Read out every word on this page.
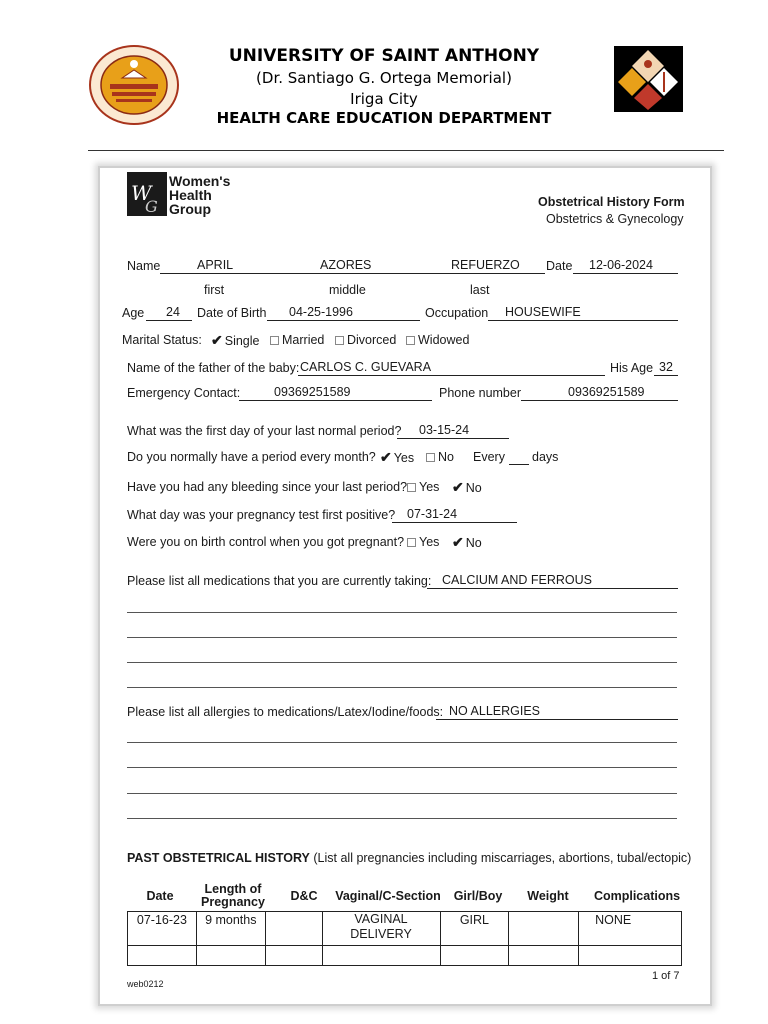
UNIVERSITY OF SAINT ANTHONY
(Dr. Santiago G. Ortega Memorial)
Iriga City
HEALTH CARE EDUCATION DEPARTMENT
W
G
Women's
Health
Group	Obstetrical History Form
Obstetrics & Gynecology
Name	APRIL	AZORES	REFUERZO Date 12-06-2024
first	middle	last
Age 24 Date of Birth 04-25-1996	Occupation HOUSEWIFE
Marital Status: ✔ Single	Married	Divorced	Widowed
Name of the father of the baby: CARLOS C. GUEVARA	His Age 32
Emergency Contact:	09369251589	Phone number	09369251589
What was the first day of your last normal period? 03-15-24
Do you normally have a period every month? ✔ Yes	No Every days
Have you had any bleeding since your last period? Yes ✔ No
What day was your pregnancy test first positive? 07-31-24
Were you on birth control when you got pregnant?	Yes ✔ No
Please list all medications that you are currently taking: CALCIUM AND FERROUS
Please list all allergies to medications/Latex/Iodine/foods: NO ALLERGIES
PAST OBSTETRICAL HISTORY (List all pregnancies including miscarriages, abortions, tubal/ectopic)
Date	Length of Pregnancy	D&C	Vaginal/C-Section	Girl/Boy	Weight	Complications
07-16-23	9 months		VAGINAL DELIVERY	GIRL		NONE

web0212
1 of 7
